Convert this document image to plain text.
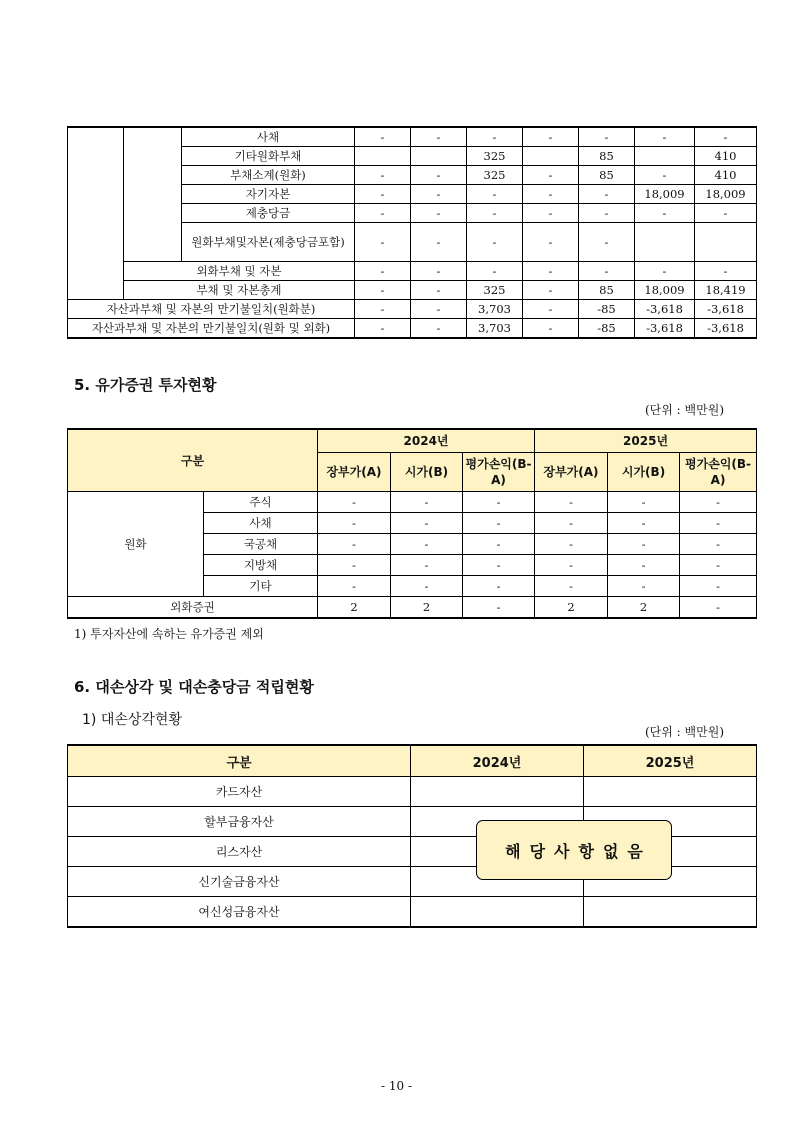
		사채	-	-	-	-	-	-	-
		기타원화부채			325		85		410
		부채소계(원화)	-	-	325	-	85	-	410
		자기자본	-	-	-	-	-	18,009	18,009
		제충당금	-	-	-	-	-	-	-
		원화부채및자본(제충당금포함)	-	-	-	-	-		
	외화부채 및 자본		-	-	-	-	-	-	-
	부채 및 자본총계		-	-	325	-	85	18,009	18,419
자산과부채 및 자본의 만기불일치(원화분)			-	-	3,703	-	-85	-3,618	-3,618
자산과부채 및 자본의 만기불일치(원화 및 외화)			-	-	3,703	-	-85	-3,618	-3,618
5. 유가증권 투자현황
(단위 : 백만원)
구분		2024년			2025년		
		장부가(A)	시가(B)	평가손익(B-A)	장부가(A)	시가(B)	평가손익(B-A)
원화	주식	-	-	-	-	-	-
	사채	-	-	-	-	-	-
	국공채	-	-	-	-	-	-
	지방채	-	-	-	-	-	-
	기타	-	-	-	-	-	-
외화증권		2	2	-	2	2	-
1) 투자자산에 속하는 유가증권 제외
6. 대손상각 및 대손충당금 적립현황
1) 대손상각현황
(단위 : 백만원)
구분	2024년	2025년
카드자산		
할부금융자산		
리스자산		
신기술금융자산		
여신성금융자산		
해당사항없음
- 10 -
